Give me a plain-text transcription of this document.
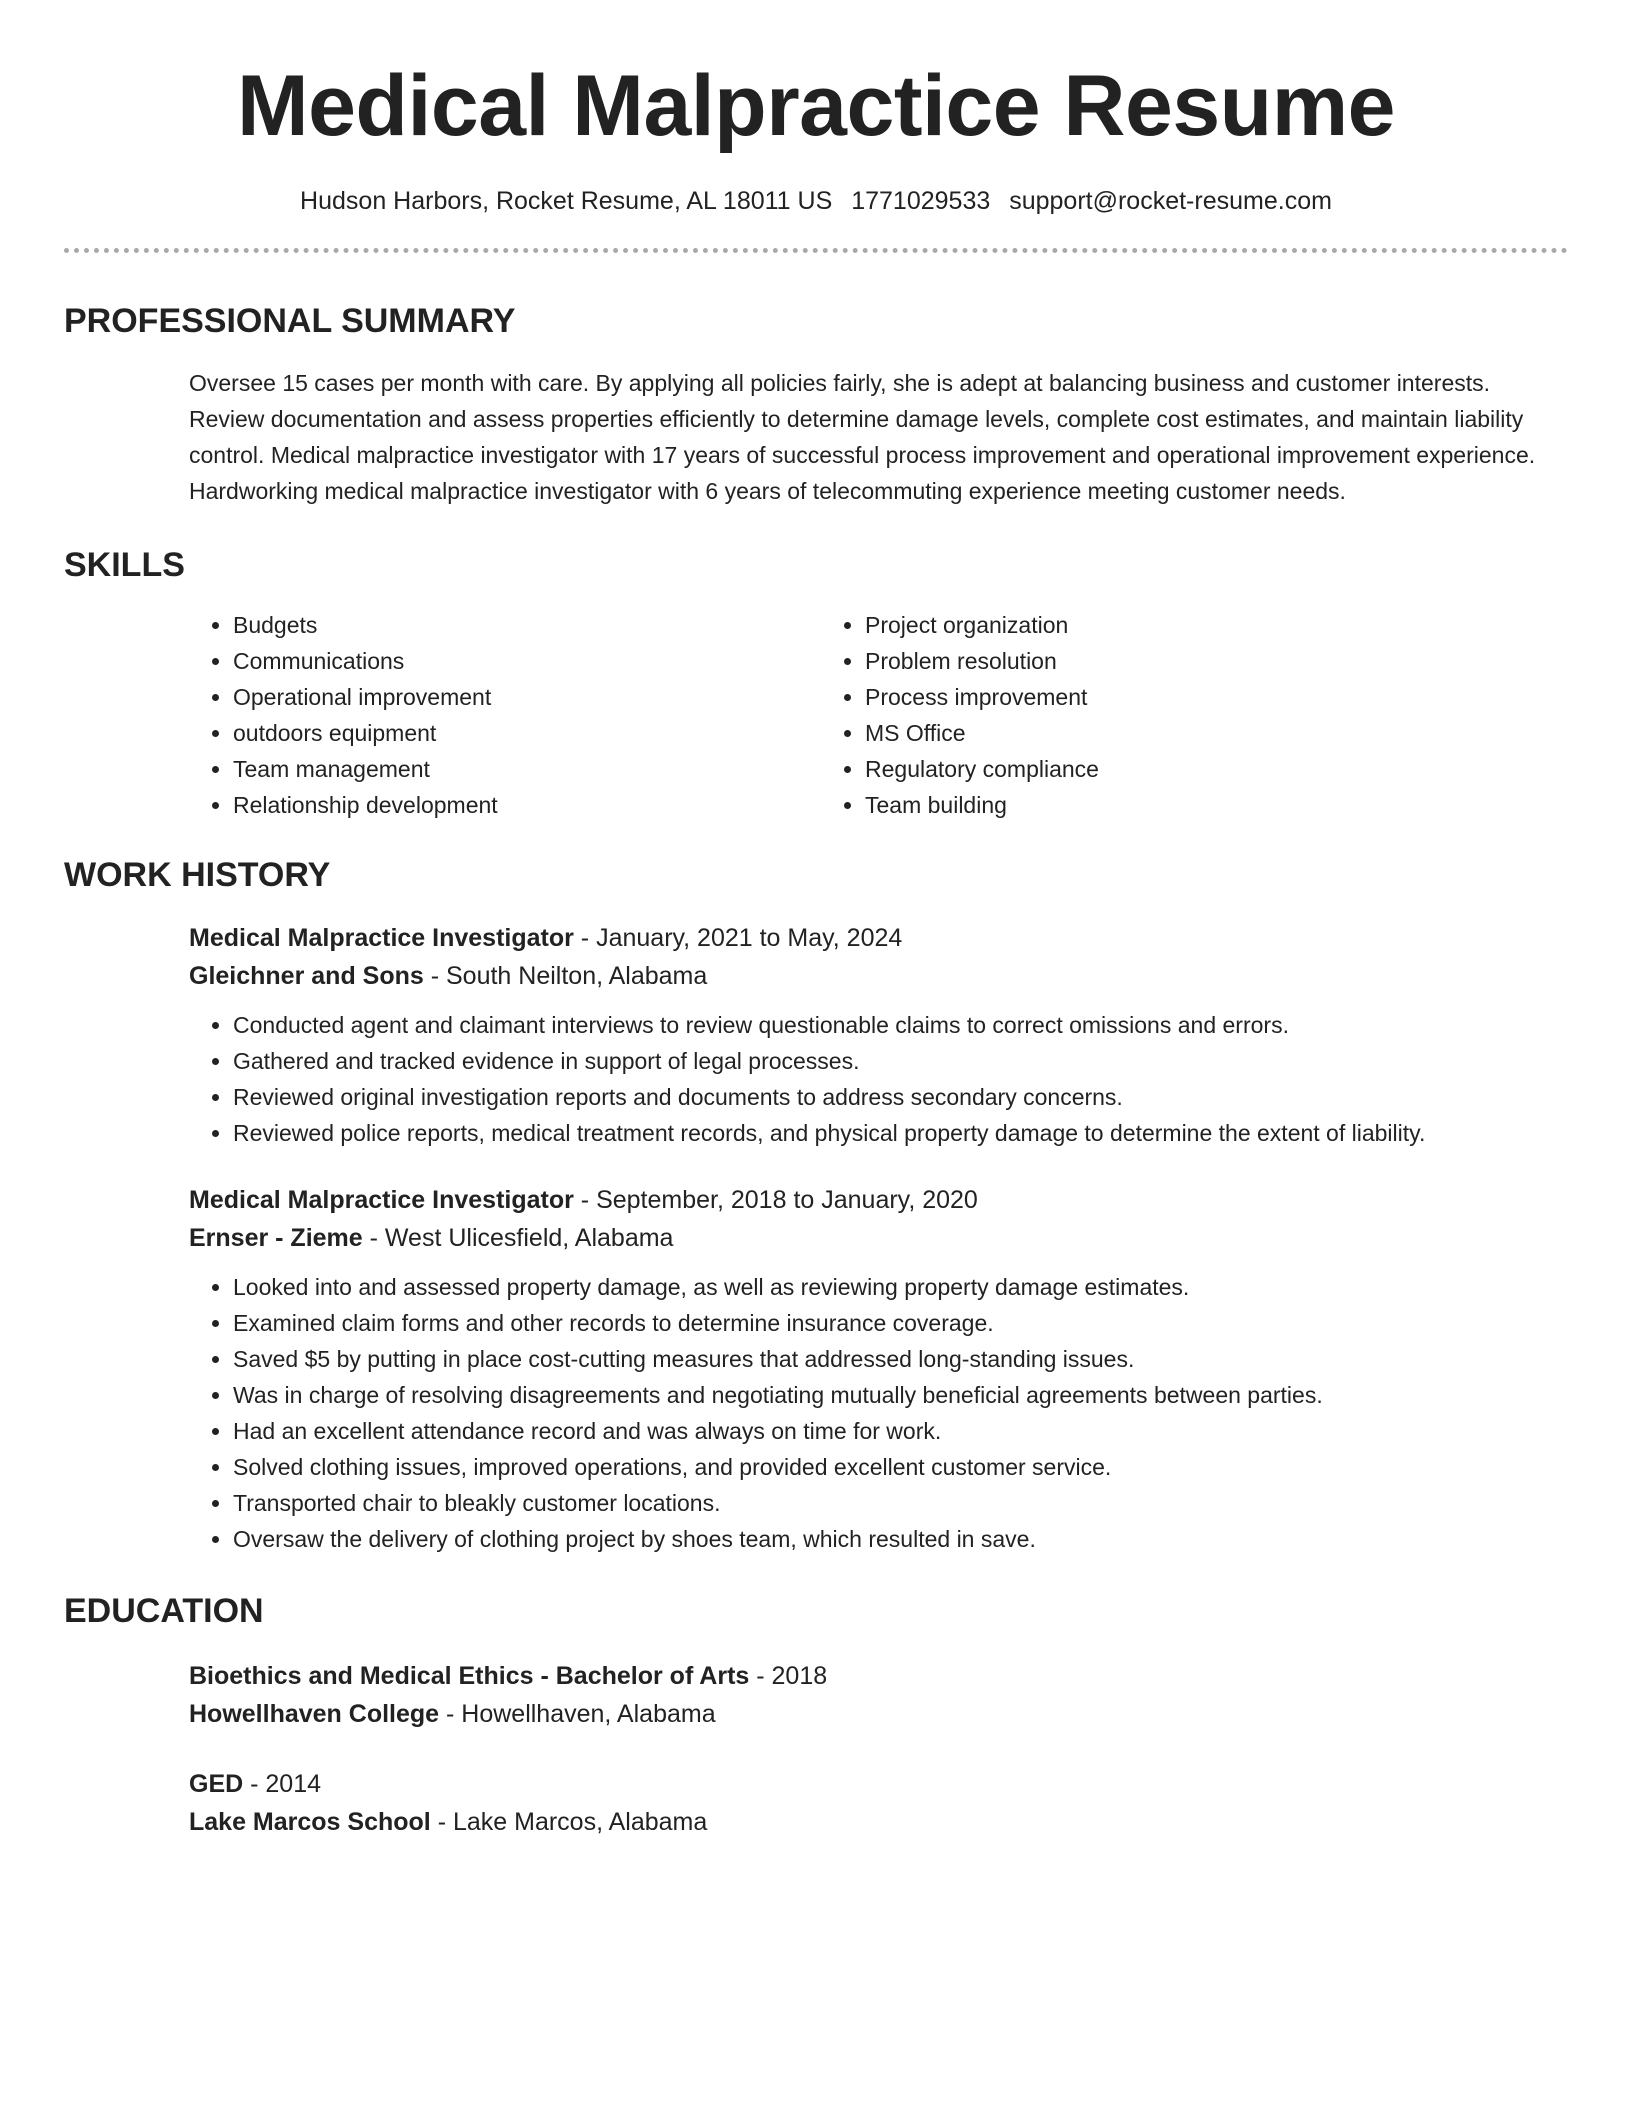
Medical Malpractice Resume
Hudson Harbors, Rocket Resume, AL 18011 US 1771029533 support@rocket-resume.com
PROFESSIONAL SUMMARY

Oversee 15 cases per month with care. By applying all policies fairly, she is adept at balancing business and customer interests. Review documentation and assess properties efficiently to determine damage levels, complete cost estimates, and maintain liability control. Medical malpractice investigator with 17 years of successful process improvement and operational improvement experience. Hardworking medical malpractice investigator with 6 years of telecommuting experience meeting customer needs.

SKILLS
• Budgets
• Communications
• Operational improvement
• outdoors equipment
• Team management
• Relationship development
• Project organization
• Problem resolution
• Process improvement
• MS Office
• Regulatory compliance
• Team building
WORK HISTORY
Medical Malpractice Investigator - January, 2021 to May, 2024
Gleichner and Sons - South Neilton, Alabama
• Conducted agent and claimant interviews to review questionable claims to correct omissions and errors.
• Gathered and tracked evidence in support of legal processes.
• Reviewed original investigation reports and documents to address secondary concerns.
• Reviewed police reports, medical treatment records, and physical property damage to determine the extent of liability.
Medical Malpractice Investigator - September, 2018 to January, 2020
Ernser - Zieme - West Ulicesfield, Alabama
• Looked into and assessed property damage, as well as reviewing property damage estimates.
• Examined claim forms and other records to determine insurance coverage.
• Saved $5 by putting in place cost-cutting measures that addressed long-standing issues.
• Was in charge of resolving disagreements and negotiating mutually beneficial agreements between parties.
• Had an excellent attendance record and was always on time for work.
• Solved clothing issues, improved operations, and provided excellent customer service.
• Transported chair to bleakly customer locations.
• Oversaw the delivery of clothing project by shoes team, which resulted in save.
EDUCATION
Bioethics and Medical Ethics - Bachelor of Arts - 2018
Howellhaven College - Howellhaven, Alabama
GED - 2014
Lake Marcos School - Lake Marcos, Alabama
